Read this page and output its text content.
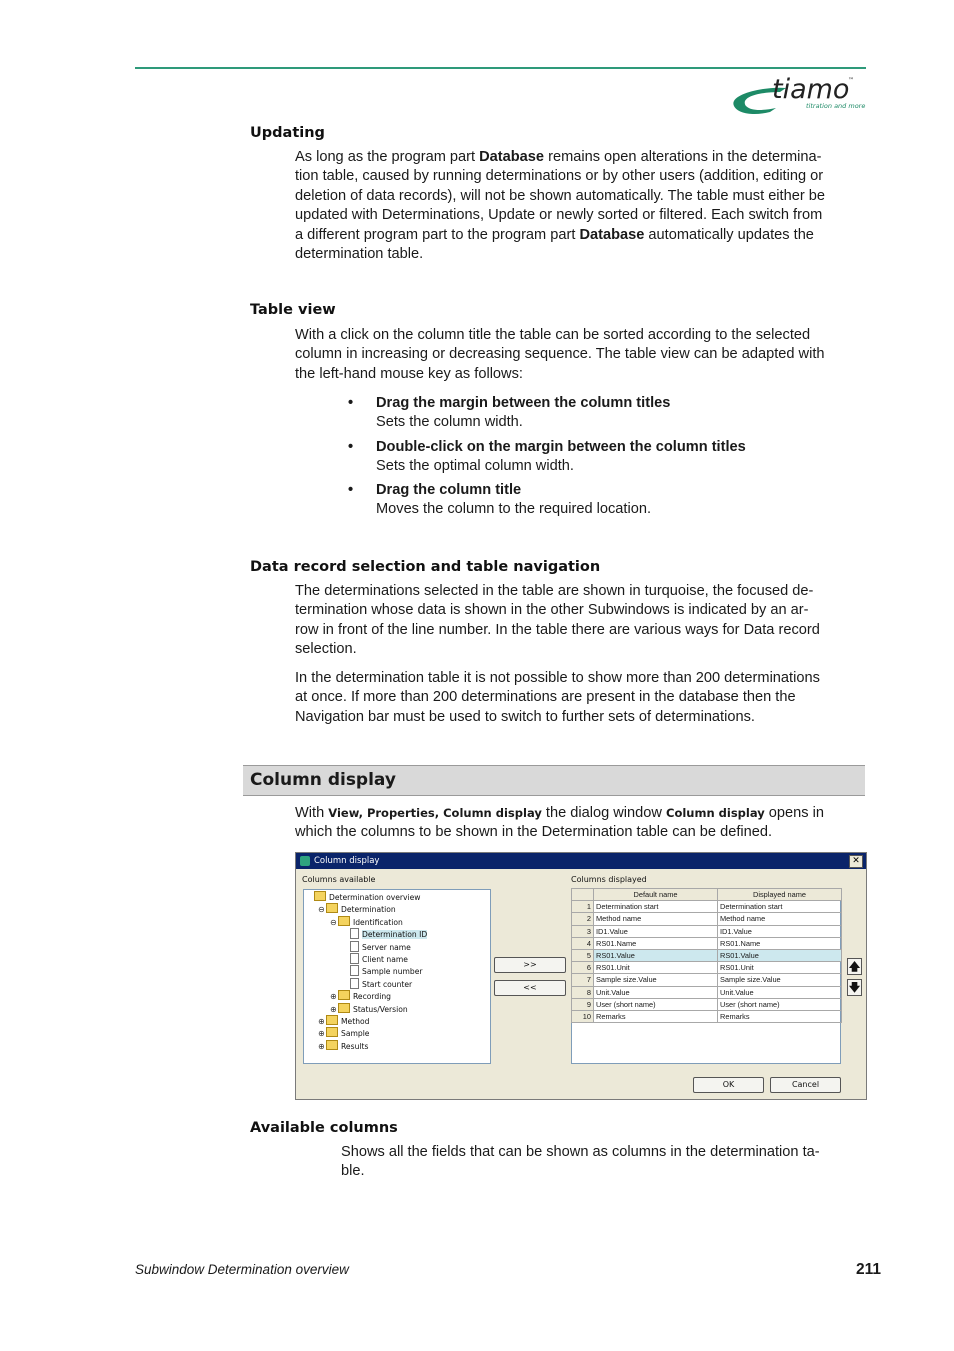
tiamo
™
titration and more
Updating

As long as the program part Database remains open alterations in the determina-

tion table, caused by running determinations or by other users (addition, editing or

deletion of data records), will not be shown automatically. The table must either be

updated with Determinations, Update or newly sorted or filtered. Each switch from

a different program part to the program part Database automatically updates the

determination table.

Table view

With a click on the column title the table can be sorted according to the selected

column in increasing or decreasing sequence. The table view can be adapted with

the left-hand mouse key as follows:

• Drag the margin between the column titles
Sets the column width.
• Double-click on the margin between the column titles
Sets the optimal column width.
• Drag the column title
Moves the column to the required location.
Data record selection and table navigation

The determinations selected in the table are shown in turquoise, the focused de-

termination whose data is shown in the other Subwindows is indicated by an ar-

row in front of the line number. In the table there are various ways for Data record

selection.

In the determination table it is not possible to show more than 200 determinations

at once. If more than 200 determinations are present in the database then the

Navigation bar must be used to switch to further sets of determinations.

Column display

With View, Properties, Column display the dialog window Column display opens in

which the columns to be shown in the Determination table can be defined.

Column display	✕
Columns available	Columns displayed
Determination overview
⊖ Determination
⊖ Identification
Determination ID
Server name
Client name
Sample number
Start counter
⊕ Recording
⊕ Status/Version
⊕ Method
⊕ Sample
⊕ Results
>>
<<
🡅
🡇
OK	Cancel
	Default name	Displayed name
1	Determination start	Determination start
2	Method name	Method name
3	ID1.Value	ID1.Value
4	RS01.Name	RS01.Name
5	RS01.Value	RS01.Value
6	RS01.Unit	RS01.Unit
7	Sample size.Value	Sample size.Value
8	Unit.Value	Unit.Value
9	User (short name)	User (short name)
10	Remarks	Remarks
Available columns

Shows all the fields that can be shown as columns in the determination ta-

ble.

Subwindow Determination overview	211
